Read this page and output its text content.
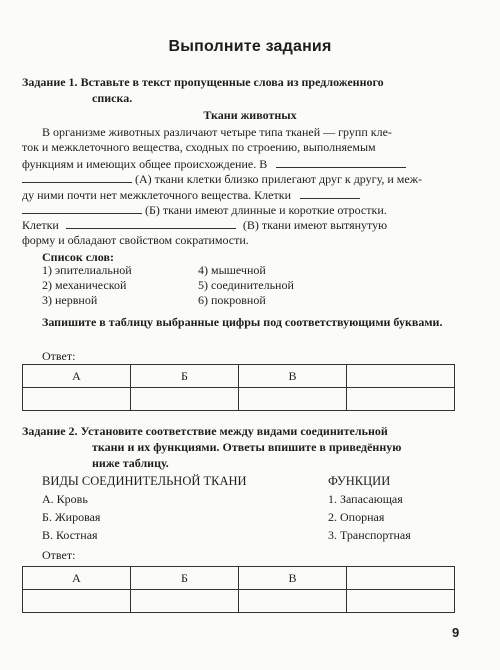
Выполните задания
Задание 1. Вставьте в текст пропущенные слова из предложенного
списка.
Ткани животных
В организме животных различают четыре типа тканей — групп кле-
ток и межклеточного вещества, сходных по строению, выполняемым
функциям и имеющих общее происхождение. В
(А) ткани клетки близко прилегают друг к другу, и меж-
ду ними почти нет межклеточного вещества. Клетки
(Б) ткани имеют длинные и короткие отростки.
Клетки	(В) ткани имеют вытянутую
форму и обладают свойством сократимости.
Список слов:
1) эпителиальной
2) механической
3) нервной
4) мышечной
5) соединительной
6) покровной
Запишите в таблицу выбранные цифры под соответствующими буквами.
Ответ:
А	Б	В	

Задание 2. Установите соответствие между видами соединительной
ткани и их функциями. Ответы впишите в приведённую
ниже таблицу.
ВИДЫ СОЕДИНИТЕЛЬНОЙ ТКАНИ
А. Кровь
Б. Жировая
В. Костная
ФУНКЦИИ
1. Запасающая
2. Опорная
3. Транспортная
Ответ:
А	Б	В	

9
